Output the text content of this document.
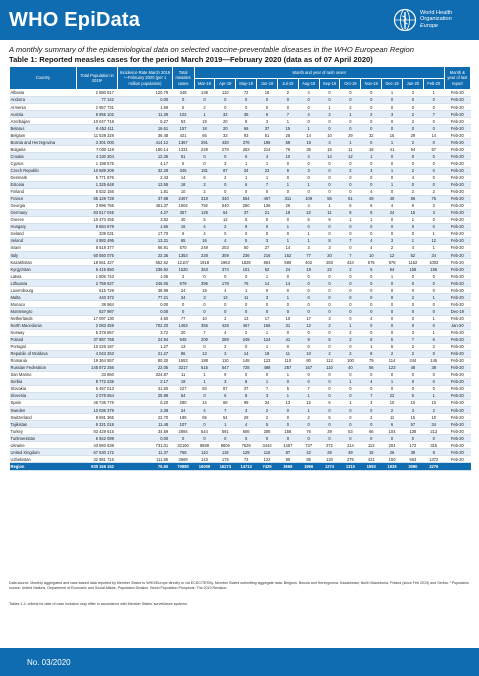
WHO EpiData	World Health
Organization
Europe
A monthly summary of the epidemiological data on selected vaccine-preventable diseases in the WHO European Region
Table 1: Reported measles cases for the period March 2019—February 2020 (data as of 07 April 2020)
Country	Total Population in 2019¹	Incidence Rate March 2019—February 2020 (per 1 million population)	Total measles cases	Month and year of rash onset												Month & year of last report
				Mar-19	Apr-19	May-19	Jun-19	Jul-19	Aug-19	Sep-19	Oct-19	Nov-19	Dec-19	Jan-20	Feb-20	
Albania	2 880 917	120.79	348	138	110	72	18	2	4	0	0	0	1	2	1	Feb-20
Andorra	77 142	0.00	0	0	0	0	0	0	0	0	0	0	0	0	0	Feb-20
Armenia	2 957 731	1.69	5	2	0	0	0	0	0	1	2	0	0	0	0	Feb-20
Austria	8 955 102	11.39	102	1	32	35	6	7	4	2	1	2	3	2	7	Feb-20
Azerbaijan	10 047 718	5.27	53	19	20	9	3	1	0	0	0	0	0	2	0	Feb-20
Belarus	9 452 411	16.61	157	18	20	66	37	15	1	0	0	0	0	0	0	Feb-20
Belgium	11 539 328	36.48	421	66	33	93	61	25	14	10	29	32	15	29	14	Feb-20
Bosnia and Herzegovina	3 301 000	414.12	1367	291	430	376	186	58	19	3	1	0	1	2	0	Feb-20
Bulgaria	7 000 119	190.14	1331	229	278	263	214	76	35	15	11	18	41	94	57	Feb-20
Croatia	4 130 304	12.35	51	0	0	6	4	10	4	14	12	1	0	0	0	Feb-20
Cyprus	1 198 575	4.17	5	0	3	1	1	0	0	0	0	0	0	0	0	Feb-20
Czech Republic	10 689 209	32.28	345	181	87	34	23	9	3	0	2	3	1	2	0	Feb-20
Denmark	5 771 876	2.43	14	6	2	1	1	0	0	0	0	0	0	4	0	Feb-20
Estonia	1 325 648	13.58	18	2	0	6	7	1	1	0	0	0	1	0	0	Feb-20
Finland	5 532 156	1.81	10	2	0	0	0	0	0	0	0	4	0	2	2	Feb-20
France	65 129 728	37.88	2467	319	340	554	467	311	109	56	61	49	40	86	75	Feb-20
Georgia	3 996 765	451.37	1804	792	540	280	136	26	4	1	6	6	4	6	3	Feb-20
Germany	83 517 045	4.27	357	125	64	37	21	19	22	11	8	8	24	15	3	Feb-20
Greece	10 473 455	3.82	40	5	12	5	0	0	6	9	1	1	0	1	0	Feb-20
Hungary	9 684 679	1.65	16	4	2	9	0	1	0	0	0	0	0	0	0	Feb-20
Iceland	339 031	17.70	6	4	0	0	0	0	1	0	0	0	0	0	1	Feb-20
Ireland	4 882 495	13.31	65	16	4	5	3	1	1	8	7	4	3	1	12	Feb-20
Israel	8 519 377	66.91	570	249	203	60	27	14	3	3	0	4	2	4	1	Feb-20
Italy	60 550 075	22.35	1353	228	309	236	216	152	77	20	7	10	12	52	34	Feb-20
Kazakhstan	18 551 427	652.62	12107	1918	1963	1828	854	586	402	283	424	576	978	1162	1003	Feb-20
Kyrgyzstan	6 415 850	236.92	1520	363	374	101	52	24	18	22	2	5	54	158	156	Feb-20
Latvia	1 906 743	1.05	2	0	0	0	1	0	0	0	0	0	1	0	0	Feb-20
Lithuania	2 759 627	246.05	679	396	178	76	14	14	0	0	0	0	0	0	0	Feb-20
Luxembourg	615 729	38.98	24	18	4	1	0	0	0	0	0	0	0	0	0	Feb-20
Malta	440 372	77.21	34	3	13	11	3	1	0	0	0	0	0	2	1	Feb-20
Monaco	38 964	0.00	0	0	0	0	0	0	0	0	0	0	0	0	0	Feb-20
Montenegro	627 987	0.00	0	0	0	0	0	0	0	0	0	0	0	0	0	Dec-19
Netherlands	17 097 130	4.50	77	10	2	13	17	10	17	3	0	4	0	0	1	Feb-20
North Macedonia	2 083 459	702.20	1463	356	428	467	166	31	12	2	1	0	0	0	0	Jan-20
Norway	5 378 857	3.72	20	7	4	2	1	0	0	0	2	0	0	3	1	Feb-20
Poland	37 887 768	24.94	945	200	289	249	124	41	9	5	2	8	5	7	6	Feb-20
Portugal	10 226 187	1.27	13	0	2	0	1	0	0	0	0	1	5	2	2	Feb-20
Republic of Moldova	4 043 263	21.27	86	13	3	14	19	11	10	2	2	8	2	2	0	Feb-20
Romania	19 364 557	80.20	1553	188	110	148	123	110	80	112	100	79	114	244	145	Feb-20
Russian Federation	145 872 256	22.05	3217	615	547	728	488	257	167	110	40	56	123	48	38	Feb-20
San Marino	33 860	324.87	11	1	9	0	0	1	0	0	0	0	0	0	0	Feb-20
Serbia	8 772 235	2.17	19	1	3	8	1	0	0	0	1	4	1	0	0	Feb-20
Slovakia	5 457 013	41.60	227	84	87	37	7	5	7	0	0	0	0	0	0	Feb-20
Slovenia	2 078 654	25.98	54	0	6	8	3	1	1	0	0	7	22	5	1	Feb-20
Spain	46 736 776	6.20	290	24	68	99	34	13	12	6	1	3	10	10	10	Feb-20
Sweden	10 036 379	2.39	24	4	7	3	2	0	1	0	0	0	2	3	2	Feb-20
Switzerland	8 591 365	22.70	195	65	54	29	2	0	2	5	0	2	11	15	10	Feb-20
Tajikistan	9 321 018	11.48	107	0	1	4	5	0	0	0	0	0	6	57	34	Feb-20
Turkey	83 429 615	34.69	2894	544	591	606	306	158	76	39	53	66	104	138	213	Feb-20
Turkmenistan	5 942 089	0.00	0	0	0	0	0	0	0	0	0	0	0	0	0	Feb-20
Ukraine	43 993 638	731.01	32160	8889	8606	7629	3443	1467	737	372	214	112	204	172	315	Feb-20
United Kingdom	67 530 172	11.37	768	110	119	129	115	87	42	29	49	15	26	39	8	Feb-20
Uzbekistan	32 981 716	111.85	3689	143	175	73	122	80	85	130	275	421	150	663	1372	Feb-20
Region	930 156 152	75.50	70880	16009	16274	14713	7429	3669	1966	1274	1310	1593	1939	3090	3276	
Data source: Monthly aggregated and case-based data reported by Member States to WHO/Europe directly or via ECDC/TESSy. Member States submitting aggregate data: Belgium, Bosnia and Herzegovina, Kazakhstan, North Macedonia, Poland (since Feb 2019) and Serbia. ¹ Population source: United Nations, Department of Economic and Social Affairs, Population Division. World Population Prospects: The 2019 Revision.
Tables 1-4, criteria for date of case inclusion may differ in accordance with Member States' surveillance systems.
No. 03/2020
